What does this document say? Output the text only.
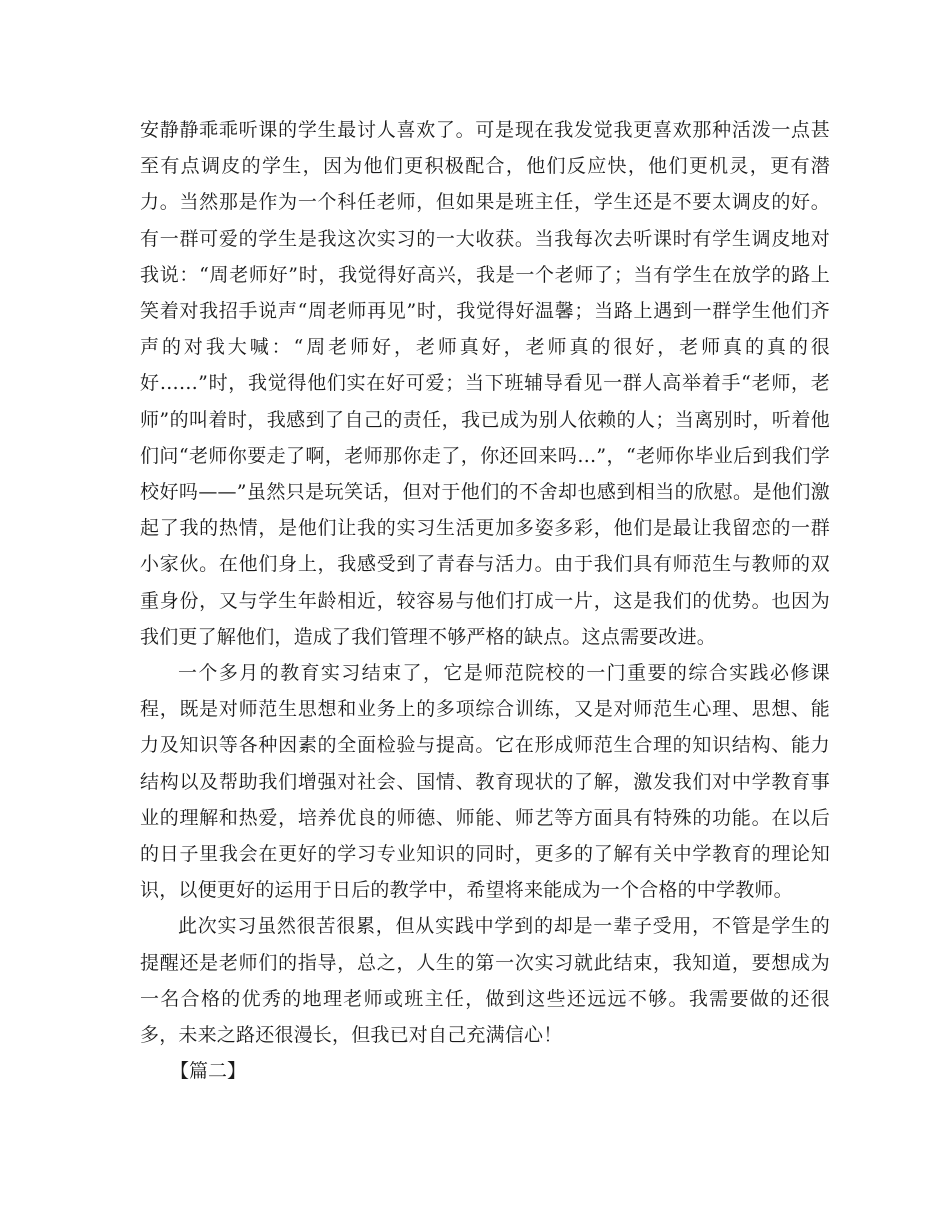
安静静乖乖听课的学生最讨人喜欢了。可是现在我发觉我更喜欢那种活泼一点甚至有点调皮的学生，因为他们更积极配合，他们反应快，他们更机灵，更有潜力。当然那是作为一个科任老师，但如果是班主任，学生还是不要太调皮的好。有一群可爱的学生是我这次实习的一大收获。当我每次去听课时有学生调皮地对我说：“周老师好”时，我觉得好高兴，我是一个老师了；当有学生在放学的路上笑着对我招手说声“周老师再见”时，我觉得好温馨；当路上遇到一群学生他们齐声的对我大喊：“周老师好，老师真好，老师真的很好，老师真的真的很好……”时，我觉得他们实在好可爱；当下班辅导看见一群人高举着手“老师，老师”的叫着时，我感到了自己的责任，我已成为别人依赖的人；当离别时，听着他们问“老师你要走了啊，老师那你走了，你还回来吗…”，“老师你毕业后到我们学校好吗——”虽然只是玩笑话，但对于他们的不舍却也感到相当的欣慰。是他们激起了我的热情，是他们让我的实习生活更加多姿多彩，他们是最让我留恋的一群小家伙。在他们身上，我感受到了青春与活力。由于我们具有师范生与教师的双重身份，又与学生年龄相近，较容易与他们打成一片，这是我们的优势。也因为我们更了解他们，造成了我们管理不够严格的缺点。这点需要改进。

一个多月的教育实习结束了，它是师范院校的一门重要的综合实践必修课程，既是对师范生思想和业务上的多项综合训练，又是对师范生心理、思想、能力及知识等各种因素的全面检验与提高。它在形成师范生合理的知识结构、能力结构以及帮助我们增强对社会、国情、教育现状的了解，激发我们对中学教育事业的理解和热爱，培养优良的师德、师能、师艺等方面具有特殊的功能。在以后的日子里我会在更好的学习专业知识的同时，更多的了解有关中学教育的理论知识，以便更好的运用于日后的教学中，希望将来能成为一个合格的中学教师。

此次实习虽然很苦很累，但从实践中学到的却是一辈子受用，不管是学生的提醒还是老师们的指导，总之，人生的第一次实习就此结束，我知道，要想成为一名合格的优秀的地理老师或班主任，做到这些还远远不够。我需要做的还很多，未来之路还很漫长，但我已对自己充满信心！

【篇二】
